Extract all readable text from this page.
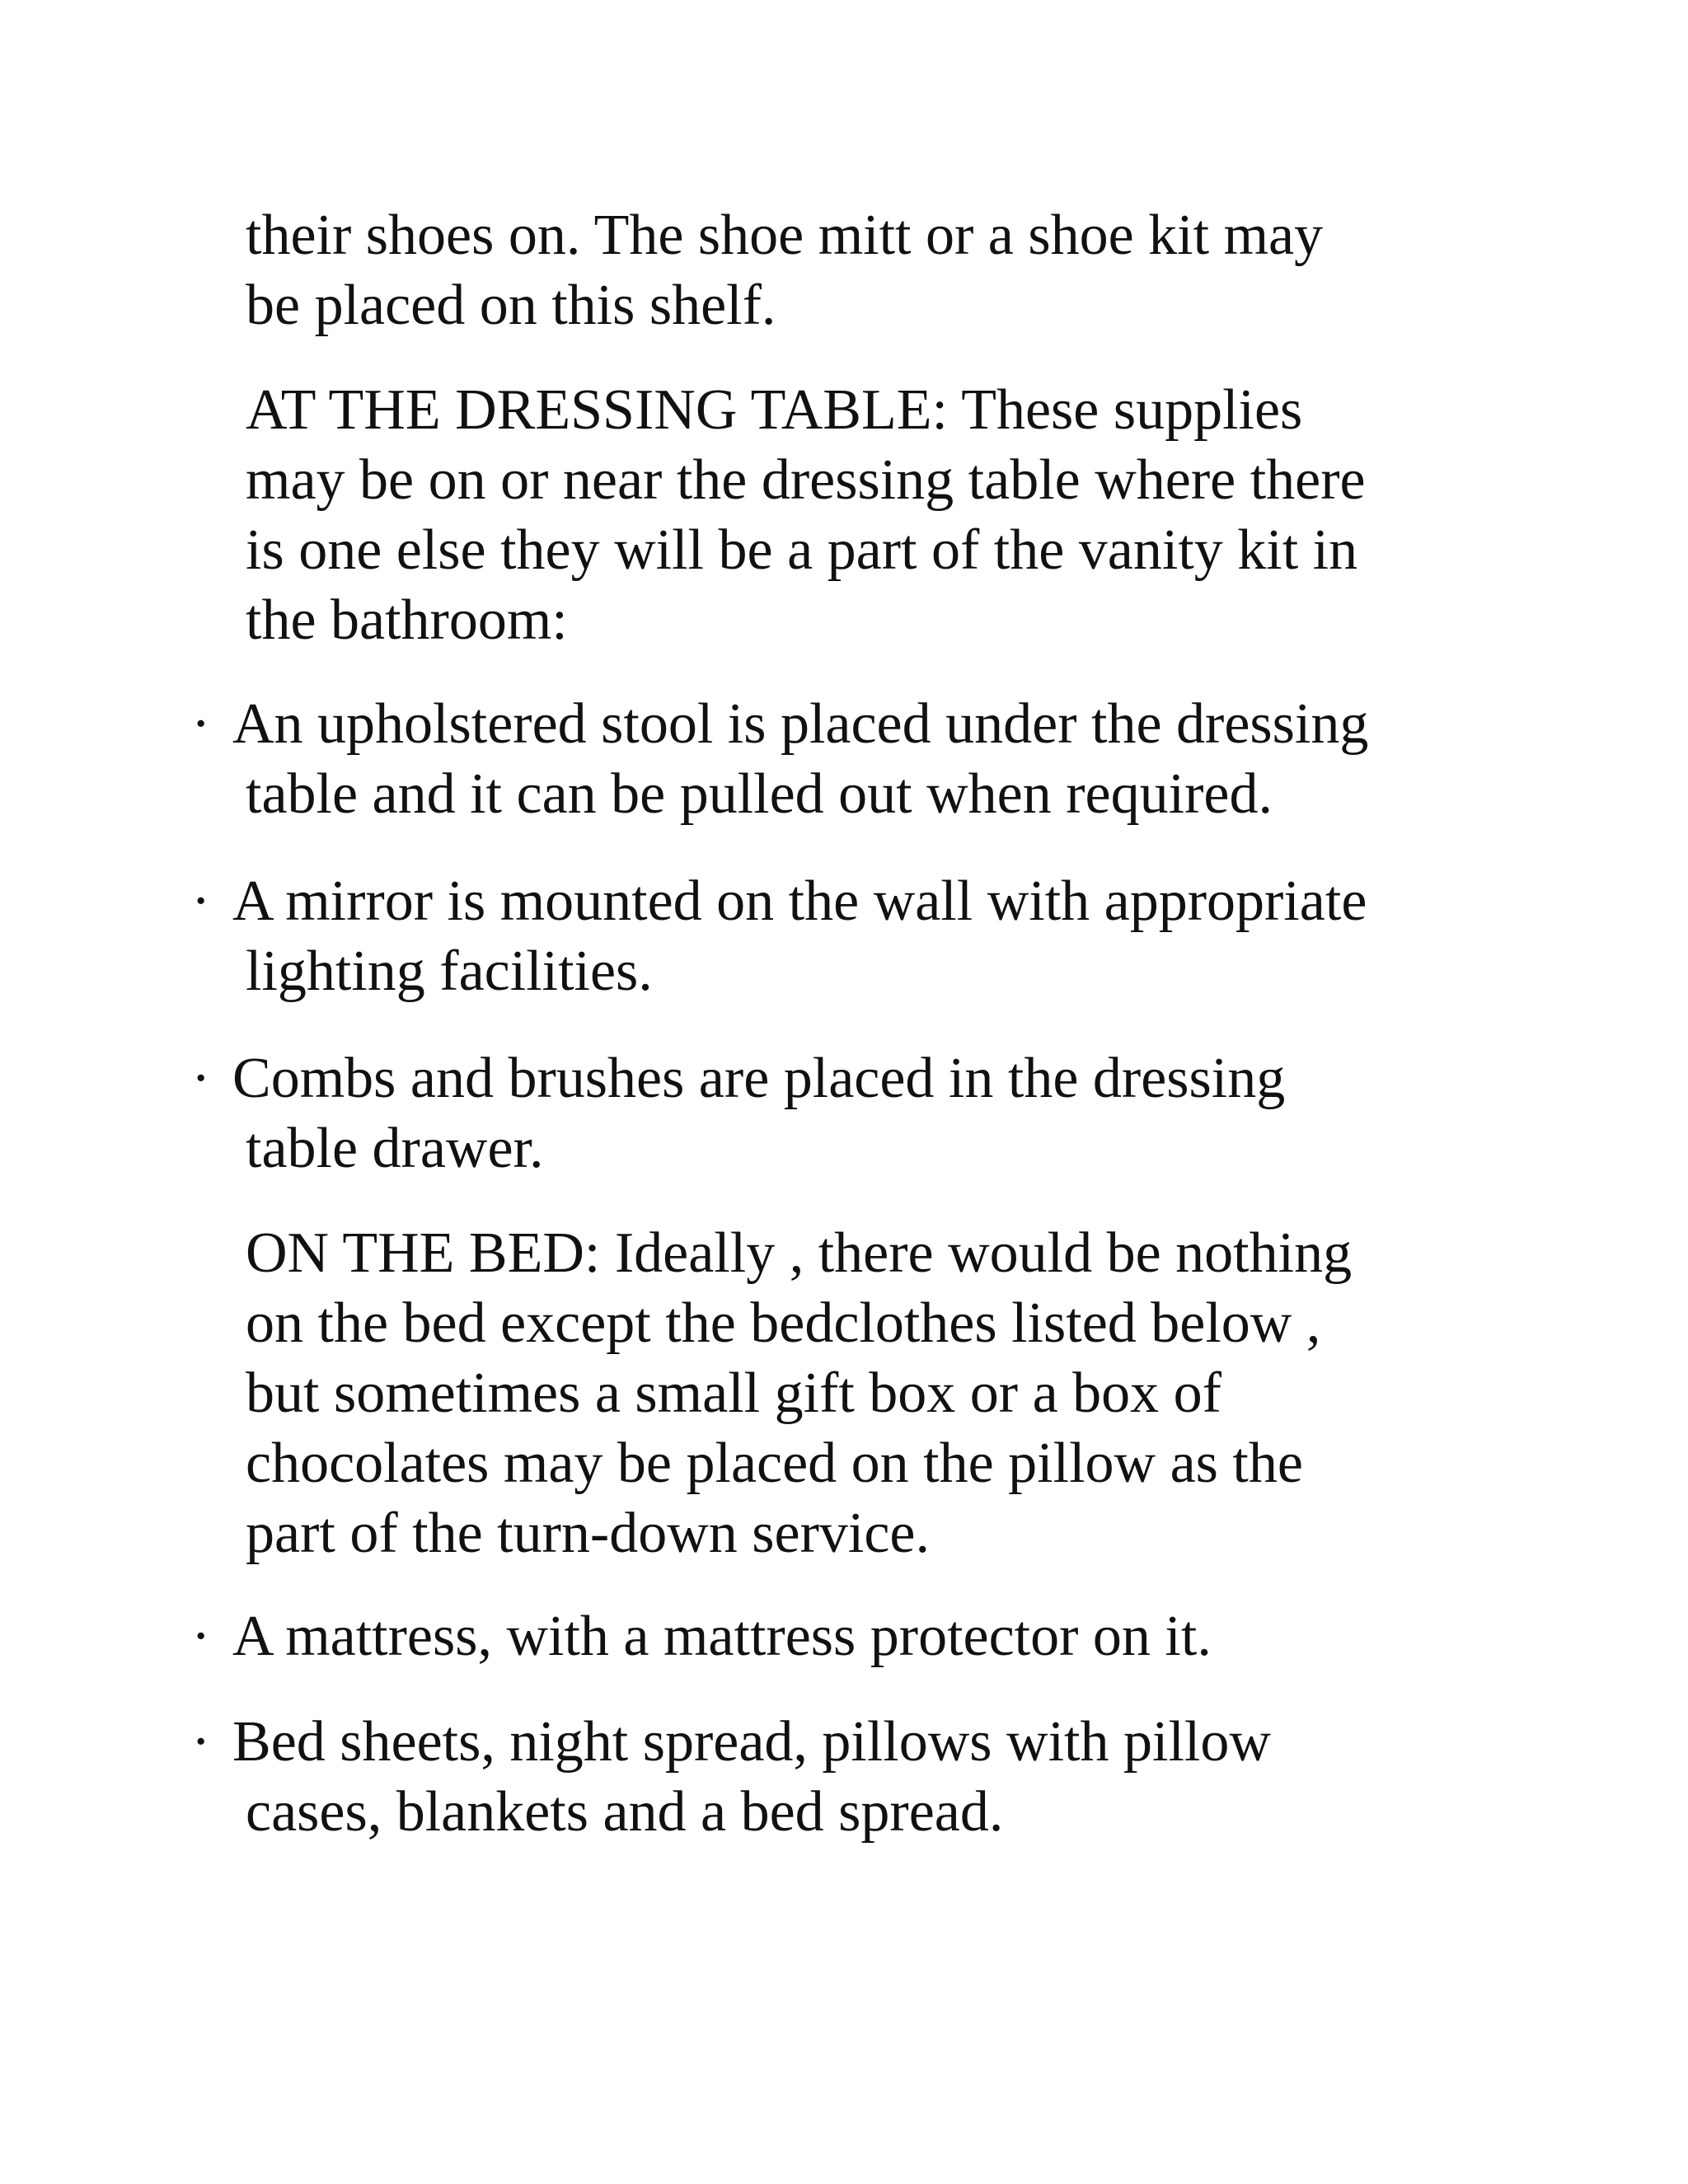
their shoes on. The shoe mitt or a shoe kit may
be placed on this shelf.
AT THE DRESSING TABLE: These supplies
may be on or near the dressing table where there
is one else they will be a part of the vanity kit in
the bathroom:
· An upholstered stool is placed under the dressing
table and it can be pulled out when required.
· A mirror is mounted on the wall with appropriate
lighting facilities.
· Combs and brushes are placed in the dressing
table drawer.
ON THE BED: Ideally , there would be nothing
on the bed except the bedclothes listed below ,
but sometimes a small gift box or a box of
chocolates may be placed on the pillow as the
part of the turn-down service.
· A mattress, with a mattress protector on it.
· Bed sheets, night spread, pillows with pillow
cases, blankets and a bed spread.
